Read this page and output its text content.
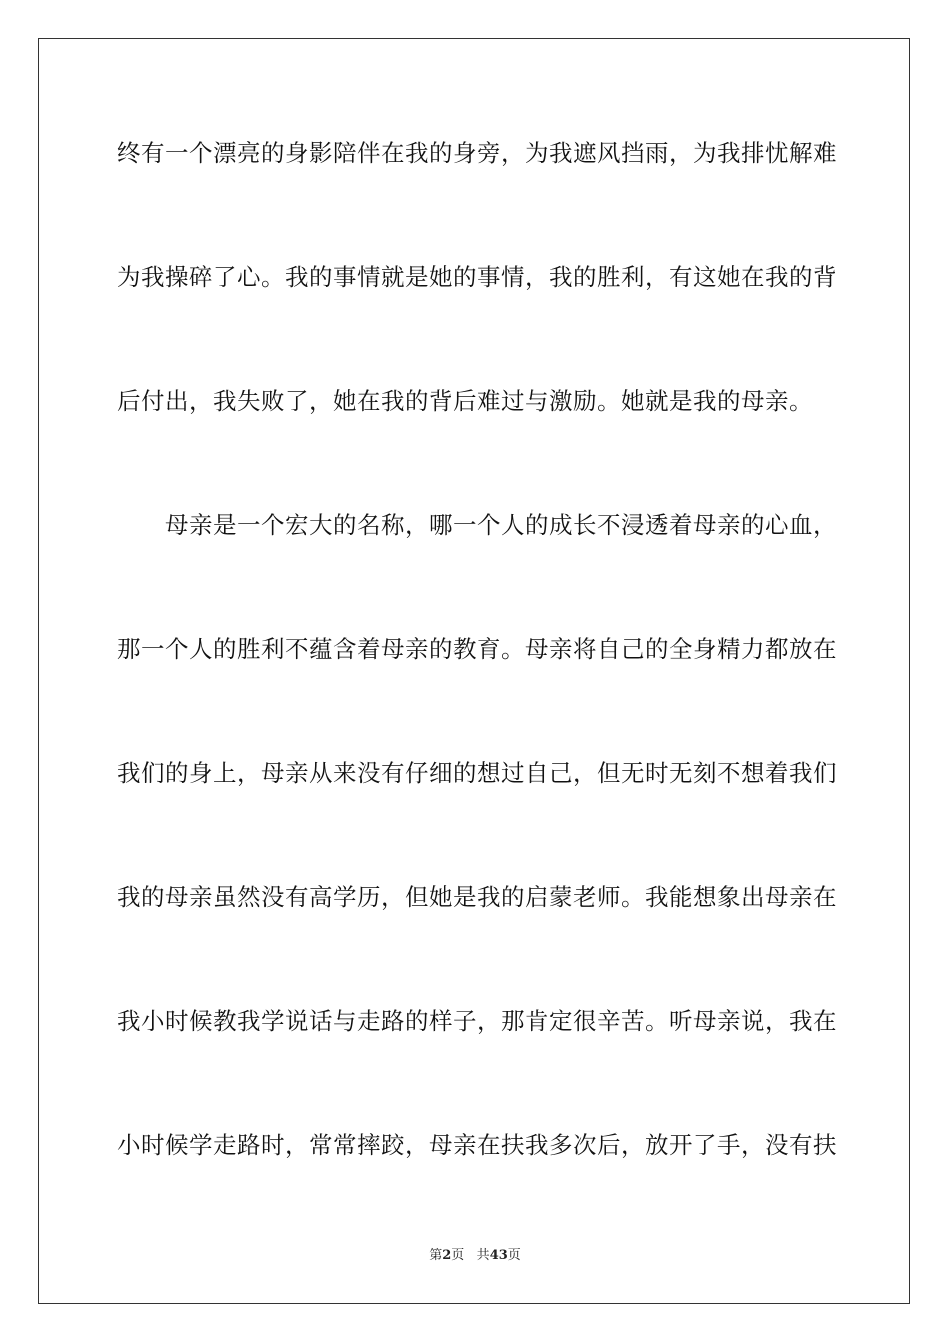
终有一个漂亮的身影陪伴在我的身旁，为我遮风挡雨，为我排忧解难
为我操碎了心。我的事情就是她的事情，我的胜利，有这她在我的背
后付出，我失败了，她在我的背后难过与激励。她就是我的母亲。
母亲是一个宏大的名称，哪一个人的成长不浸透着母亲的心血，
那一个人的胜利不蕴含着母亲的教育。母亲将自己的全身精力都放在
我们的身上，母亲从来没有仔细的想过自己，但无时无刻不想着我们
我的母亲虽然没有高学历，但她是我的启蒙老师。我能想象出母亲在
我小时候教我学说话与走路的样子，那肯定很辛苦。听母亲说，我在
小时候学走路时，常常摔跤，母亲在扶我多次后，放开了手，没有扶
第2页 共43页
